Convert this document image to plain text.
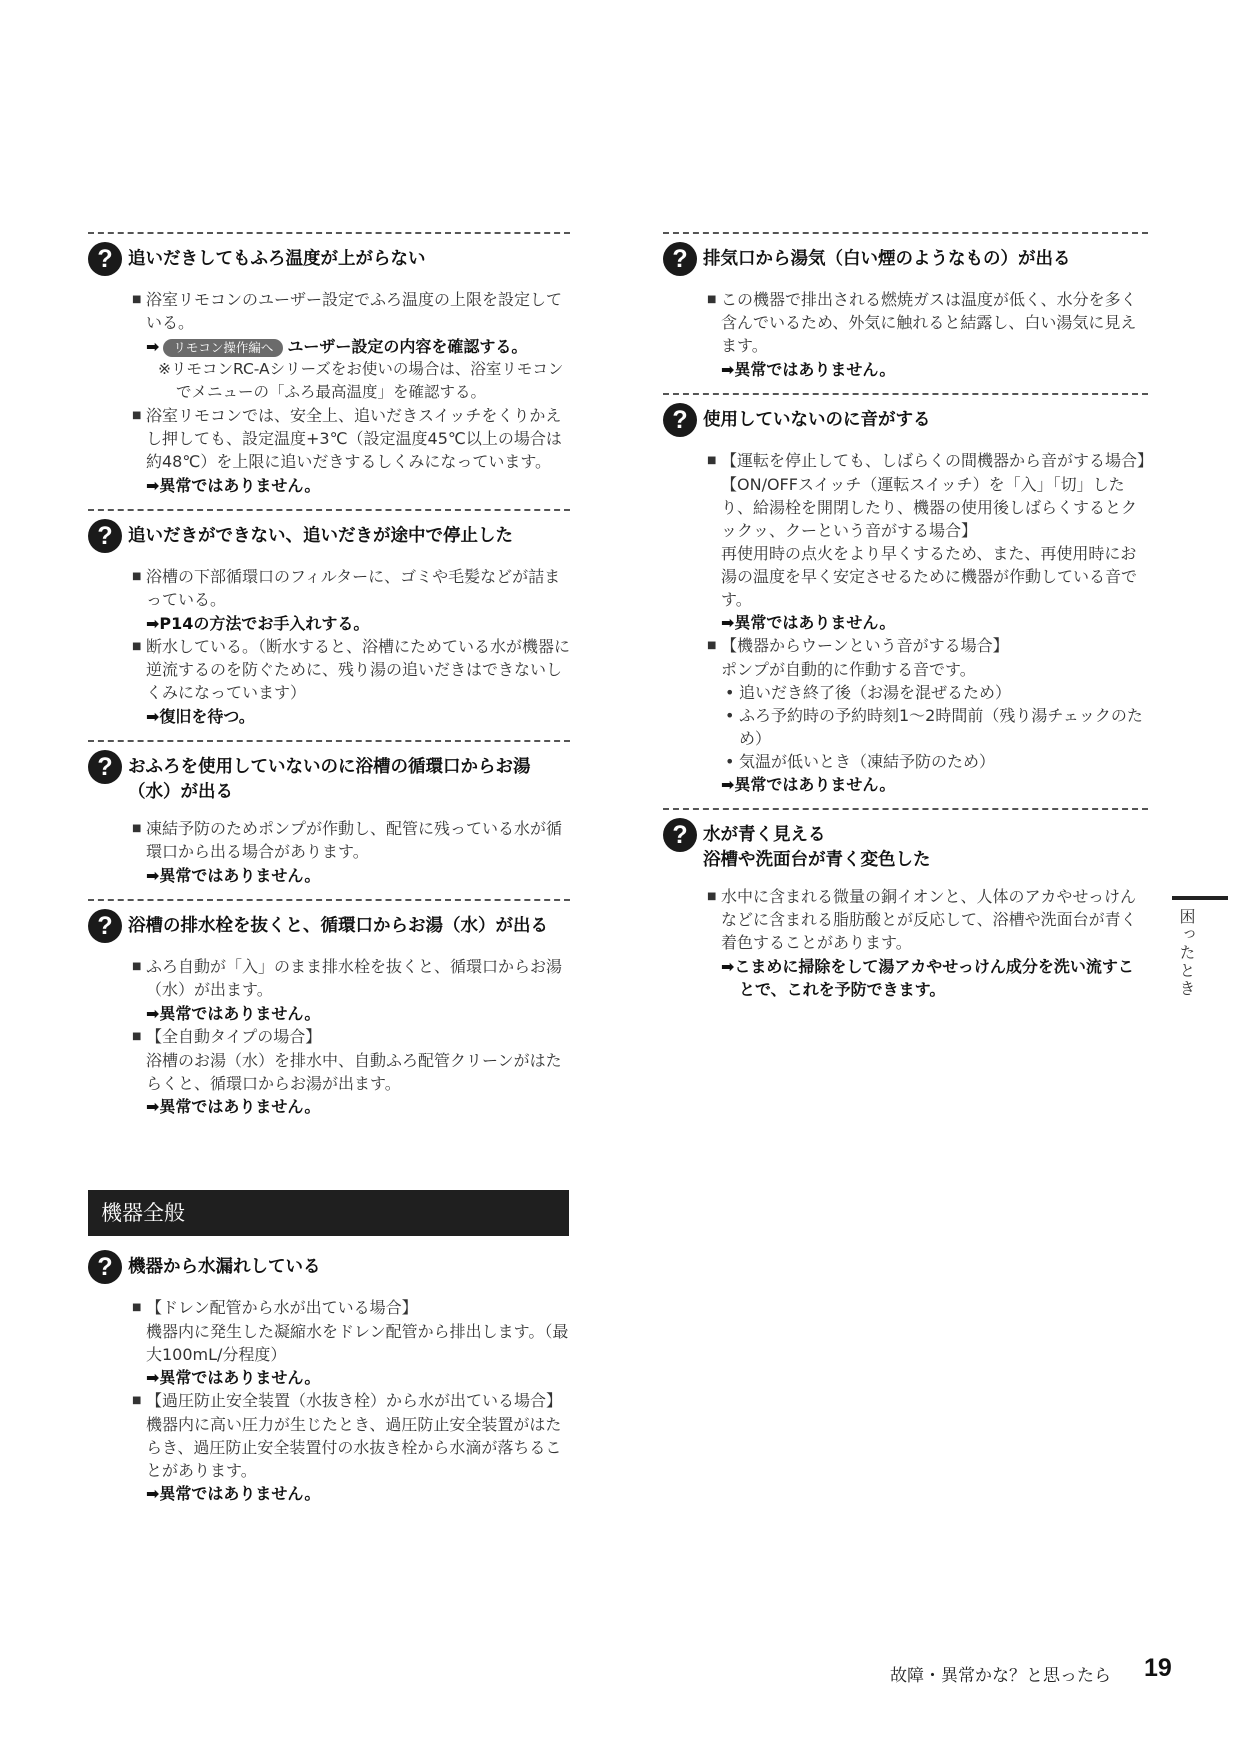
? 追いだきしてもふろ温度が上がらない
■ 浴室リモコンのユーザー設定でふろ温度の上限を設定している。
➡ リモコン操作編へ ユーザー設定の内容を確認する。
※リモコンRC-Aシリーズをお使いの場合は、浴室リモコンでメニューの「ふろ最高温度」を確認する。
■ 浴室リモコンでは、安全上、追いだきスイッチをくりかえし押しても、設定温度+3℃（設定温度45℃以上の場合は約48℃）を上限に追いだきするしくみになっています。
➡異常ではありません。
? 追いだきができない、追いだきが途中で停止した
■ 浴槽の下部循環口のフィルターに、ゴミや毛髪などが詰まっている。
➡P14の方法でお手入れする。
■ 断水している。（断水すると、浴槽にためている水が機器に逆流するのを防ぐために、残り湯の追いだきはできないしくみになっています）
➡復旧を待つ。
? おふろを使用していないのに浴槽の循環口からお湯（水）が出る
■ 凍結予防のためポンプが作動し、配管に残っている水が循環口から出る場合があります。
➡異常ではありません。
? 浴槽の排水栓を抜くと、循環口からお湯（水）が出る
■ ふろ自動が「入」のまま排水栓を抜くと、循環口からお湯（水）が出ます。
➡異常ではありません。
■ 【全自動タイプの場合】
浴槽のお湯（水）を排水中、自動ふろ配管クリーンがはたらくと、循環口からお湯が出ます。
➡異常ではありません。
機器全般
? 機器から水漏れしている
■ 【ドレン配管から水が出ている場合】
機器内に発生した凝縮水をドレン配管から排出します。（最大100mL/分程度）
➡異常ではありません。
■ 【過圧防止安全装置（水抜き栓）から水が出ている場合】
機器内に高い圧力が生じたとき、過圧防止安全装置がはたらき、過圧防止安全装置付の水抜き栓から水滴が落ちることがあります。
➡異常ではありません。
? 排気口から湯気（白い煙のようなもの）が出る
■ この機器で排出される燃焼ガスは温度が低く、水分を多く含んでいるため、外気に触れると結露し、白い湯気に見えます。
➡異常ではありません。
? 使用していないのに音がする
■ 【運転を停止しても、しばらくの間機器から音がする場合】
【ON/OFFスイッチ（運転スイッチ）を「入」「切」したり、給湯栓を開閉したり、機器の使用後しばらくするとクックッ、クーという音がする場合】
再使用時の点火をより早くするため、また、再使用時にお湯の温度を早く安定させるために機器が作動している音です。
➡異常ではありません。
■ 【機器からウーンという音がする場合】
ポンプが自動的に作動する音です。
• 追いだき終了後（お湯を混ぜるため）
• ふろ予約時の予約時刻1〜2時間前（残り湯チェックのため）
• 気温が低いとき（凍結予防のため）
➡異常ではありません。
? 水が青く見える
浴槽や洗面台が青く変色した
■ 水中に含まれる微量の銅イオンと、人体のアカやせっけんなどに含まれる脂肪酸とが反応して、浴槽や洗面台が青く着色することがあります。
➡こまめに掃除をして湯アカやせっけん成分を洗い流すことで、これを予防できます。	困ったとき
故障・異常かな？と思ったら 19
